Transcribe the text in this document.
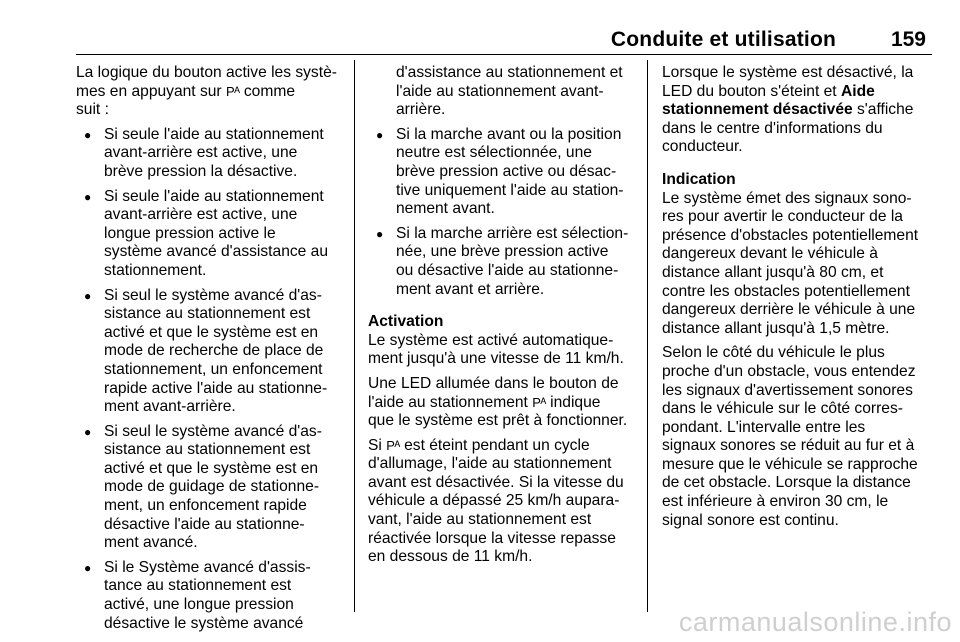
Conduite et utilisation	159

La logique du bouton active les systè-
mes en appuyant sur P⁠ᴬ comme
suit :

● Si seule l'aide au stationnement
avant-arrière est active, une
brève pression la désactive.
● Si seule l'aide au stationnement
avant-arrière est active, une
longue pression active le
système avancé d'assistance au
stationnement.
● Si seul le système avancé d'as-
sistance au stationnement est
activé et que le système est en
mode de recherche de place de
stationnement, un enfoncement
rapide active l'aide au stationne-
ment avant-arrière.
● Si seul le système avancé d'as-
sistance au stationnement est
activé et que le système est en
mode de guidage de stationne-
ment, un enfoncement rapide
désactive l'aide au stationne-
ment avancé.
● Si le Système avancé d'assis-
tance au stationnement est
activé, une longue pression
désactive le système avancé
d'assistance au stationnement et
l'aide au stationnement avant-
arrière.
● Si la marche avant ou la position
neutre est sélectionnée, une
brève pression active ou désac-
tive uniquement l'aide au station-
nement avant.
● Si la marche arrière est sélection-
née, une brève pression active
ou désactive l'aide au stationne-
ment avant et arrière.

Activation

Le système est activé automatique-
ment jusqu'à une vitesse de 11 km/h.

Une LED allumée dans le bouton de
l'aide au stationnement P⁠ᴬ indique
que le système est prêt à fonctionner.

Si P⁠ᴬ est éteint pendant un cycle
d'allumage, l'aide au stationnement
avant est désactivée. Si la vitesse du
véhicule a dépassé 25 km/h aupara-
vant, l'aide au stationnement est
réactivée lorsque la vitesse repasse
en dessous de 11 km/h.

Lorsque le système est désactivé, la
LED du bouton s'éteint et Aide
stationnement désactivée s'affiche
dans le centre d'informations du
conducteur.

Indication

Le système émet des signaux sono-
res pour avertir le conducteur de la
présence d'obstacles potentiellement
dangereux devant le véhicule à
distance allant jusqu'à 80 cm, et
contre les obstacles potentiellement
dangereux derrière le véhicule à une
distance allant jusqu'à 1,5 mètre.

Selon le côté du véhicule le plus
proche d'un obstacle, vous entendez
les signaux d'avertissement sonores
dans le véhicule sur le côté corres-
pondant. L'intervalle entre les
signaux sonores se réduit au fur et à
mesure que le véhicule se rapproche
de cet obstacle. Lorsque la distance
est inférieure à environ 30 cm, le
signal sonore est continu.

carmanualsonline.info
